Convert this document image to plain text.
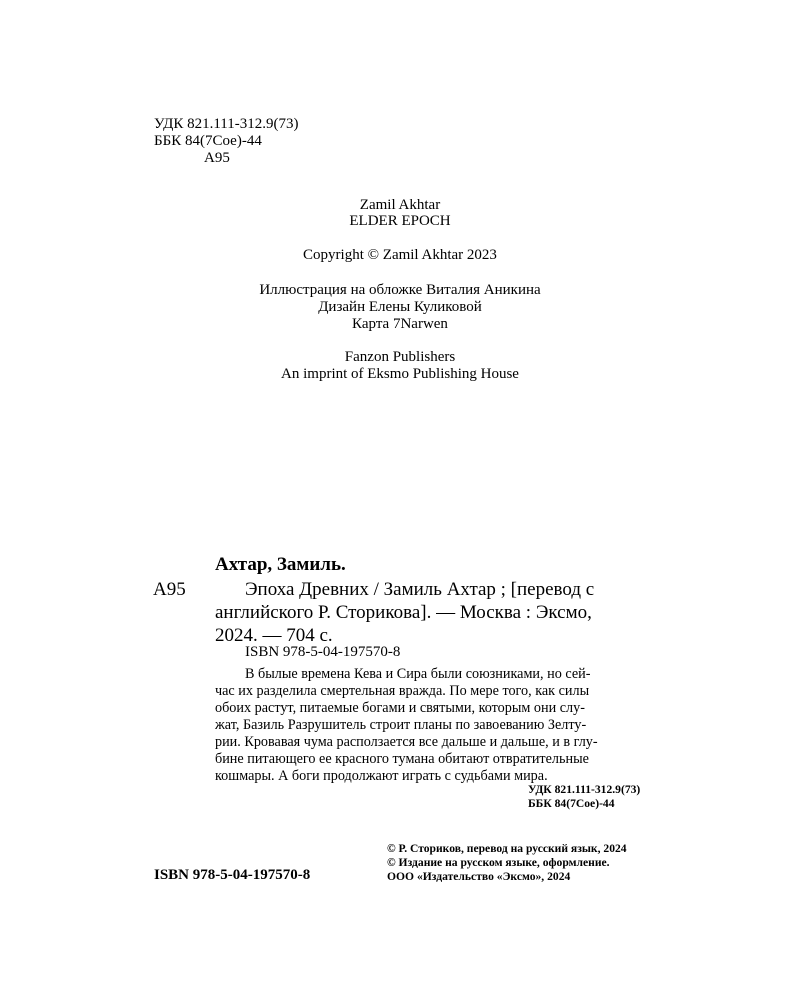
УДК 821.111-312.9(73)
ББК 84(7Сое)-44
А95
Zamil Akhtar
ELDER EPOCH
Copyright © Zamil Akhtar 2023
Иллюстрация на обложке Виталия Аникина
Дизайн Елены Куликовой
Карта 7Narwen
Fanzon Publishers
An imprint of Eksmo Publishing House
Ахтар, Замиль.
А95	Эпоха Древних / Замиль Ахтар ; [перевод с
английского Р. Сторикова]. — Москва : Эксмо,
2024. — 704 с.
ISBN 978-5-04-197570-8
В былые времена Кева и Сира были союзниками, но сей-
час их разделила смертельная вражда. По мере того, как силы
обоих растут, питаемые богами и святыми, которым они слу-
жат, Базиль Разрушитель строит планы по завоеванию Зелту-
рии. Кровавая чума расползается все дальше и дальше, и в глу-
бине питающего ее красного тумана обитают отвратительные
кошмары. А боги продолжают играть с судьбами мира.
УДК 821.111-312.9(73)
ББК 84(7Сое)-44
ISBN 978-5-04-197570-8
© Р. Сториков, перевод на русский язык, 2024
© Издание на русском языке, оформление.
ООО «Издательство «Эксмо», 2024
